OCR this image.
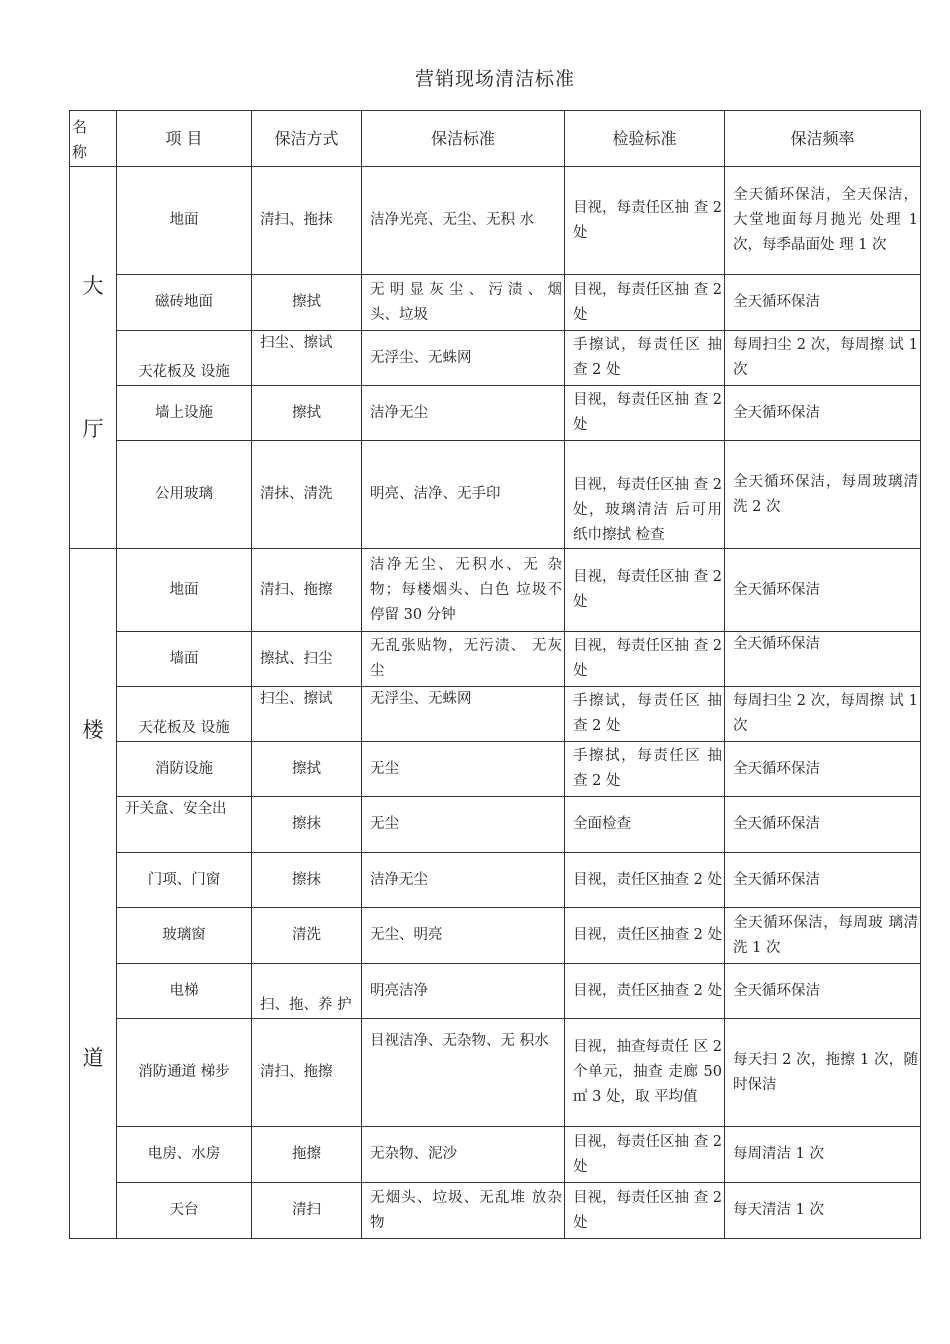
营销现场清洁标准
名 称	项 目	保洁方式	保洁标准	检验标准	保洁频率

大
厅	地面	清扫、拖抹	洁净光亮、无尘、无积 水	目视，每责任区抽 查 2 处	全天循环保洁，全天保洁，大堂地面每月抛光 处理 1 次，每季晶面处 理 1 次
	磁砖地面	擦拭	无 明 显 灰 尘 、 污 渍 、 烟头、垃圾	目视，每责任区抽 查 2 处	全天循环保洁
	天花板及 设施	扫尘、擦试	无浮尘、无蛛网	手擦试，每责任区 抽查 2 处	每周扫尘 2 次，每周擦 试 1 次
	墙上设施	擦拭	洁净无尘	目视，每责任区抽 查 2 处	全天循环保洁
	公用玻璃	清抹、清洗	明亮、洁净、无手印	目视，每责任区抽 查 2 处，玻璃清洁 后可用纸巾擦拭 检查	全天循环保洁，每周玻璃清洗 2 次

楼
道	地面	清扫、拖擦	洁净无尘、无积水、无 杂物；每楼烟头、白色 垃圾不停留 30 分钟	目视，每责任区抽 查 2 处	全天循环保洁
	墙面	擦拭、扫尘	无乱张贴物，无污渍、 无灰尘	目视，每责任区抽 查 2 处	全天循环保洁
	天花板及 设施	扫尘、擦试	无浮尘、无蛛网	手擦试，每责任区 抽查 2 处	每周扫尘 2 次，每周擦 试 1 次
	消防设施	擦拭	无尘	手擦拭，每责任区 抽查 2 处	全天循环保洁
	开关盒、安全出	擦抹	无尘	全面检查	全天循环保洁
	门项、门窗	擦抹	洁净无尘	目视，责任区抽查 2 处	全天循环保洁
	玻璃窗	清洗	无尘、明亮	目视，责任区抽查 2 处	全天循环保洁，每周玻 璃清洗 1 次
	电梯	扫、拖、养 护	明亮洁净	目视，责任区抽查 2 处	全天循环保洁
	消防通道 梯步	清扫、拖擦	目视洁净、无杂物、无 积水	目视，抽查每责任 区 2 个单元，抽查 走廊 50 ㎡ 3 处，取 平均值	每天扫 2 次，拖擦 1 次，随时保洁
	电房、水房	拖擦	无杂物、泥沙	目视，每责任区抽 查 2 处	每周清洁 1 次
	天台	清扫	无烟头、垃圾、无乱堆 放杂物	目视，每责任区抽 查 2 处	每天清洁 1 次
